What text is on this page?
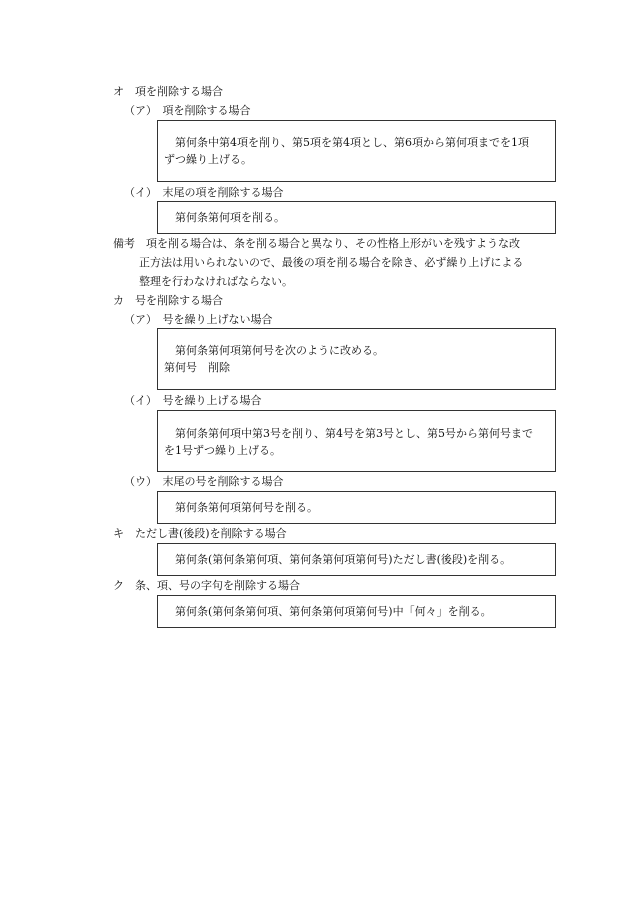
オ　項を削除する場合
（ア）　項を削除する場合
第何条中第4項を削り、第5項を第4項とし、第6項から第何項までを1項
ずつ繰り上げる。
（イ）　末尾の項を削除する場合
第何条第何項を削る。
備考　項を削る場合は、条を削る場合と異なり、その性格上形がいを残すような改
正方法は用いられないので、最後の項を削る場合を除き、必ず繰り上げによる
整理を行わなければならない。
カ　号を削除する場合
（ア）　号を繰り上げない場合
第何条第何項第何号を次のように改める。
第何号　削除
（イ）　号を繰り上げる場合
第何条第何項中第3号を削り、第4号を第3号とし、第5号から第何号まで
を1号ずつ繰り上げる。
（ウ）　末尾の号を削除する場合
第何条第何項第何号を削る。
キ　ただし書(後段)を削除する場合
第何条(第何条第何項、第何条第何項第何号)ただし書(後段)を削る。
ク　条、項、号の字句を削除する場合
第何条(第何条第何項、第何条第何項第何号)中「何々」を削る。
